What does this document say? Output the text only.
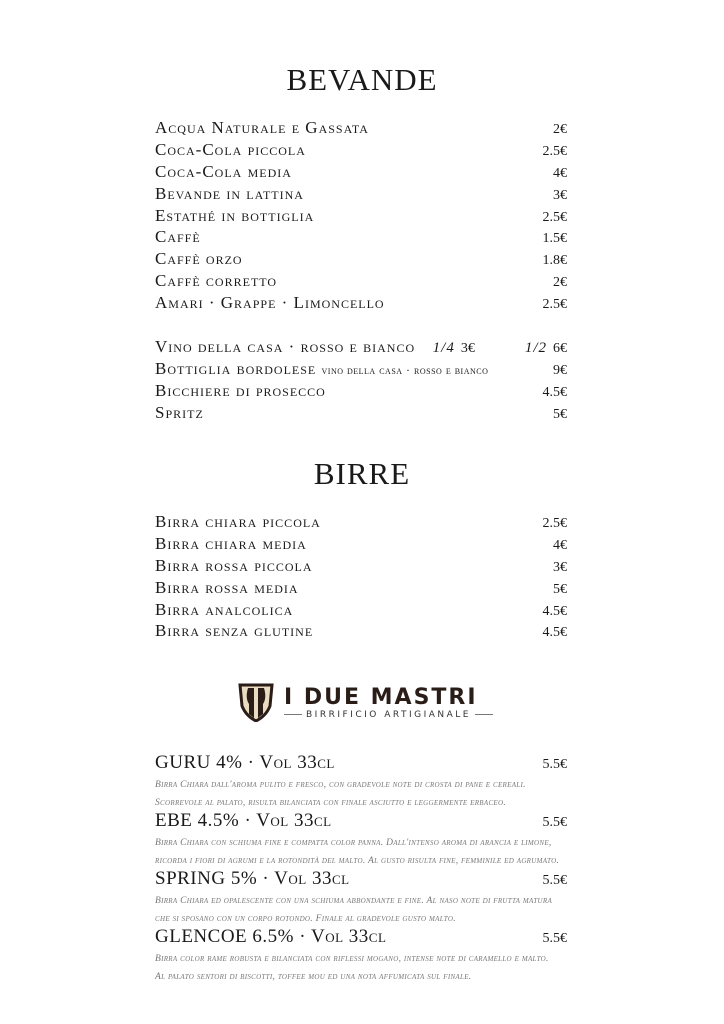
BEVANDE
Acqua Naturale e Gassata	2€
Coca-Cola piccola	2.5€
Coca-Cola media	4€
Bevande in lattina	3€
Estathé in bottiglia	2.5€
Caffè	1.5€
Caffè orzo	1.8€
Caffè corretto	2€
Amari · Grappe · Limoncello	2.5€
Vino della casa · rosso e bianco 1/4 3€	1/2 6€
Bottiglia bordolese vino della casa · rosso e bianco	9€
Bicchiere di prosecco	4.5€
Spritz	5€
BIRRE
Birra chiara piccola	2.5€
Birra chiara media	4€
Birra rossa piccola	3€
Birra rossa media	5€
Birra analcolica	4.5€
Birra senza glutine	4.5€
I DUE MASTRI
BIRRIFICIO ARTIGIANALE
GURU 4% · Vol 33cl	5.5€
Birra Chiara dall'aroma pulito e fresco, con gradevole note di crosta di pane e cereali.
Scorrevole al palato, risulta bilanciata con finale asciutto e leggermente erbaceo.
EBE 4.5% · Vol 33cl	5.5€
Birra Chiara con schiuma fine e compatta color panna. Dall'intenso aroma di arancia e limone,
ricorda i fiori di agrumi e la rotondità del malto. Al gusto risulta fine, femminile ed agrumato.
SPRING 5% · Vol 33cl	5.5€
Birra Chiara ed opalescente con una schiuma abbondante e fine. Al naso note di frutta matura
che si sposano con un corpo rotondo. Finale al gradevole gusto malto.
GLENCOE 6.5% · Vol 33cl	5.5€
Birra color rame robusta e bilanciata con riflessi mogano, intense note di caramello e malto.
Al palato sentori di biscotti, toffee mou ed una nota affumicata sul finale.
